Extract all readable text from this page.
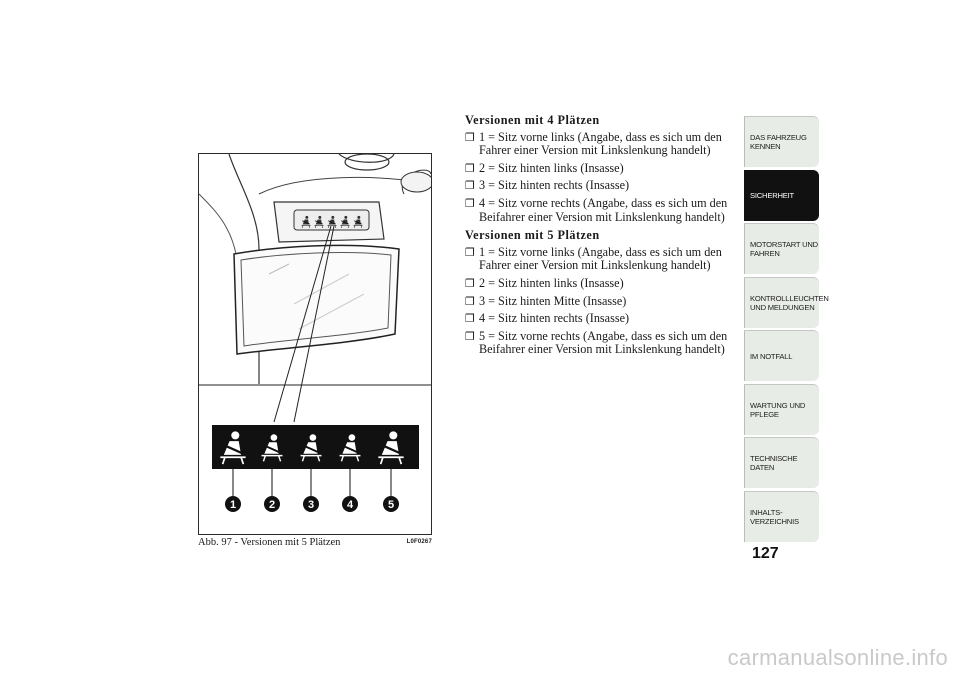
1	2	3	4	5
Abb. 97 - Versionen mit 5 Plätzen	L0F0267
Versionen mit 4 Plätzen
❐ 1 = Sitz vorne links (Angabe, dass es sich um den Fahrer einer Version mit Linkslenkung handelt)
❐ 2 = Sitz hinten links (Insasse)
❐ 3 = Sitz hinten rechts (Insasse)
❐ 4 = Sitz vorne rechts (Angabe, dass es sich um den Beifahrer einer Version mit Linkslenkung handelt)
Versionen mit 5 Plätzen
❐ 1 = Sitz vorne links (Angabe, dass es sich um den Fahrer einer Version mit Linkslenkung handelt)
❐ 2 = Sitz hinten links (Insasse)
❐ 3 = Sitz hinten Mitte (Insasse)
❐ 4 = Sitz hinten rechts (Insasse)
❐ 5 = Sitz vorne rechts (Angabe, dass es sich um den Beifahrer einer Version mit Linkslenkung handelt)
DAS FAHRZEUG
KENNEN
SICHERHEIT
MOTORSTART UND
FAHREN
KONTROLLLEUCHTEN
UND MELDUNGEN
IM NOTFALL
WARTUNG UND
PFLEGE
TECHNISCHE
DATEN
INHALTS-
VERZEICHNIS
127
carmanualsonline.info
